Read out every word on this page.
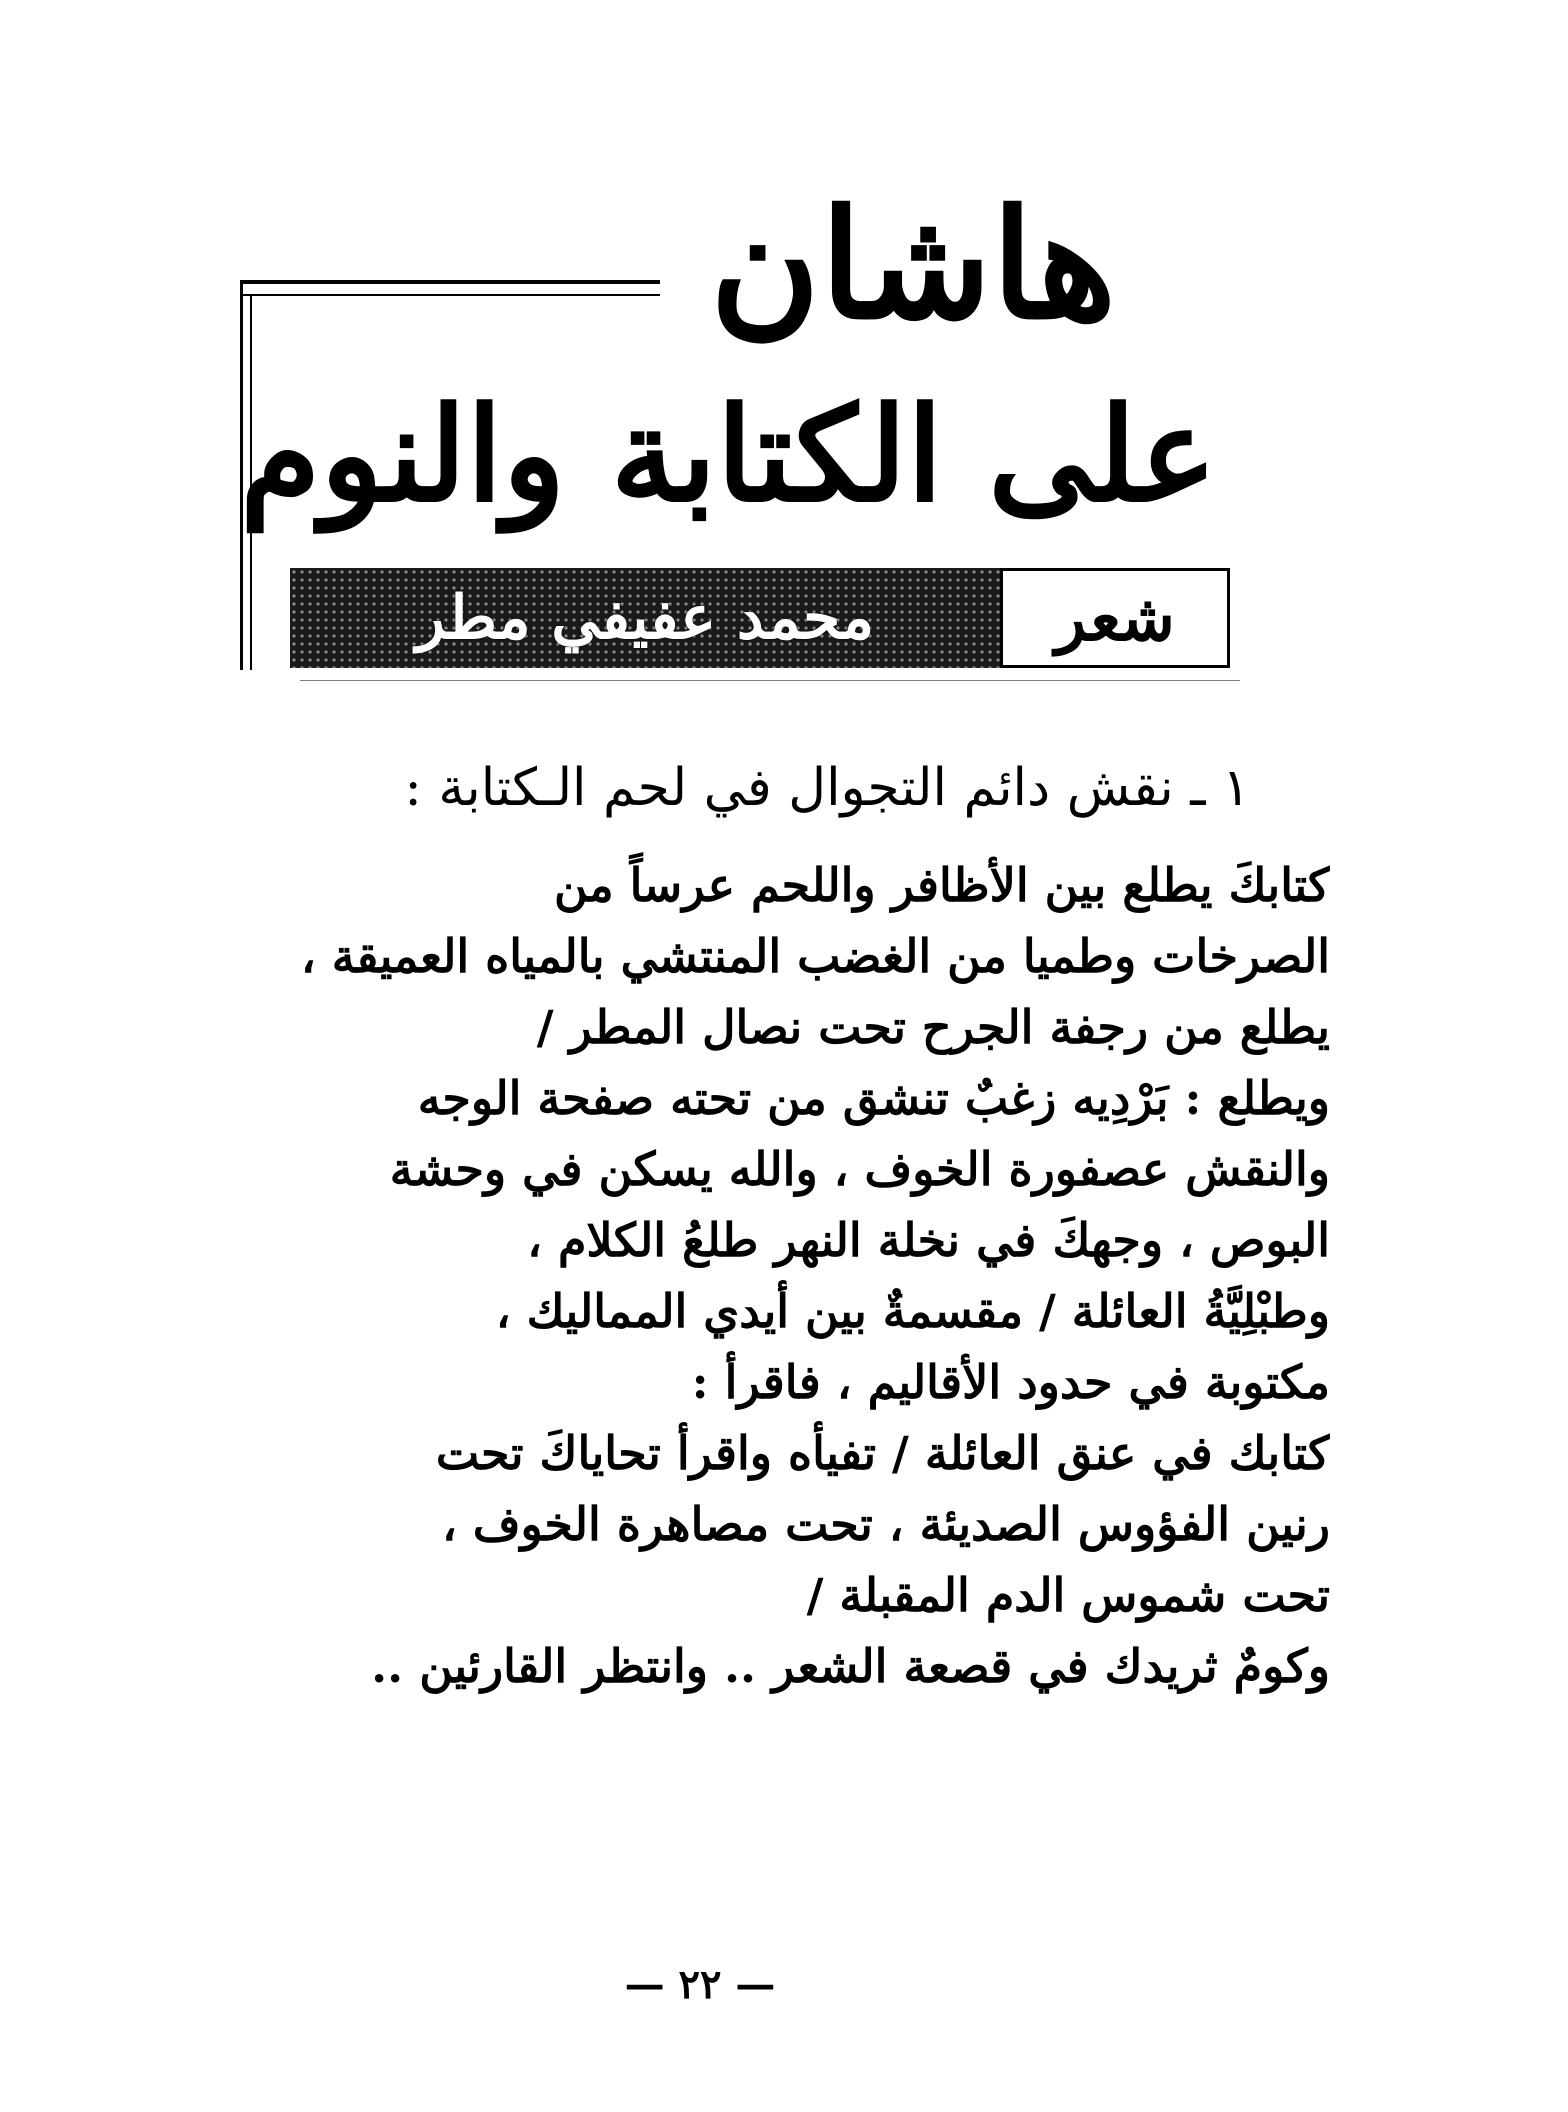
هاشان
على الكتابة والنوم
شعر
محمد عفيفي مطر
١ ـ نقش دائم التجوال في لحم الـكتابة :
كتابكَ يطلع بين الأظافر واللحم عرساً من
الصرخات وطميا من الغضب المنتشي بالمياه العميقة ،
يطلع من رجفة الجرح تحت نصال المطر /
ويطلع : بَرْدِيه زغبٌ تنشق من تحته صفحة الوجه
والنقش عصفورة الخوف ، والله يسكن في وحشة
البوص ، وجهكَ في نخلة النهر طلعُ الكلام ،
وطبْلِيَّةُ العائلة / مقسمةٌ بين أيدي المماليك ،
مكتوبة في حدود الأقاليم ، فاقرأ :
كتابك في عنق العائلة / تفيأه واقرأ تحاياكَ تحت
رنين الفؤوس الصديئة ، تحت مصاهرة الخوف ،
تحت شموس الدم المقبلة /
وكومٌ ثريدك في قصعة الشعر .. وانتظر القارئين ..
— ٢٢ —
